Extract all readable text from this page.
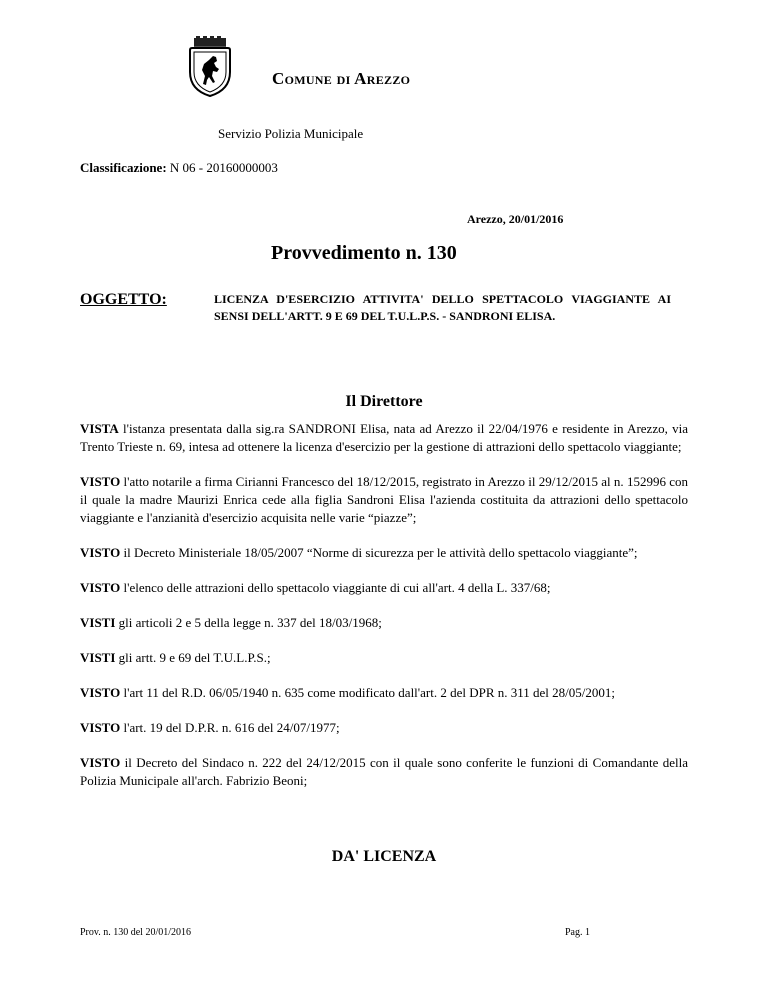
Comune di Arezzo
Servizio Polizia Municipale
Classificazione: N 06 - 20160000003
Arezzo, 20/01/2016
Provvedimento n. 130
OGGETTO:	LICENZA D'ESERCIZIO ATTIVITA' DELLO SPETTACOLO VIAGGIANTE AI SENSI DELL'ARTT. 9 E 69 DEL T.U.L.P.S. - SANDRONI ELISA.
Il Direttore
VISTA l'istanza presentata dalla sig.ra SANDRONI Elisa, nata ad Arezzo il 22/04/1976 e residente in Arezzo, via Trento Trieste n. 69, intesa ad ottenere la licenza d'esercizio per la gestione di attrazioni dello spettacolo viaggiante;
VISTO l'atto notarile a firma Cirianni Francesco del 18/12/2015, registrato in Arezzo il 29/12/2015 al n. 152996 con il quale la madre Maurizi Enrica cede alla figlia Sandroni Elisa l'azienda costituita da attrazioni dello spettacolo viaggiante e l'anzianità d'esercizio acquisita nelle varie “piazze”;
VISTO il Decreto Ministeriale 18/05/2007 “Norme di sicurezza per le attività dello spettacolo viaggiante”;
VISTO l'elenco delle attrazioni dello spettacolo viaggiante di cui all'art. 4 della L. 337/68;
VISTI gli articoli 2 e 5 della legge n. 337 del 18/03/1968;
VISTI gli artt. 9 e 69 del T.U.L.P.S.;
VISTO l'art 11 del R.D. 06/05/1940 n. 635 come modificato dall'art. 2 del DPR n. 311 del 28/05/2001;
VISTO l'art. 19 del D.P.R. n. 616 del 24/07/1977;
VISTO il Decreto del Sindaco n. 222 del 24/12/2015 con il quale sono conferite le funzioni di Comandante della Polizia Municipale all'arch. Fabrizio Beoni;
DA' LICENZA
Prov. n. 130 del 20/01/2016	Pag. 1
